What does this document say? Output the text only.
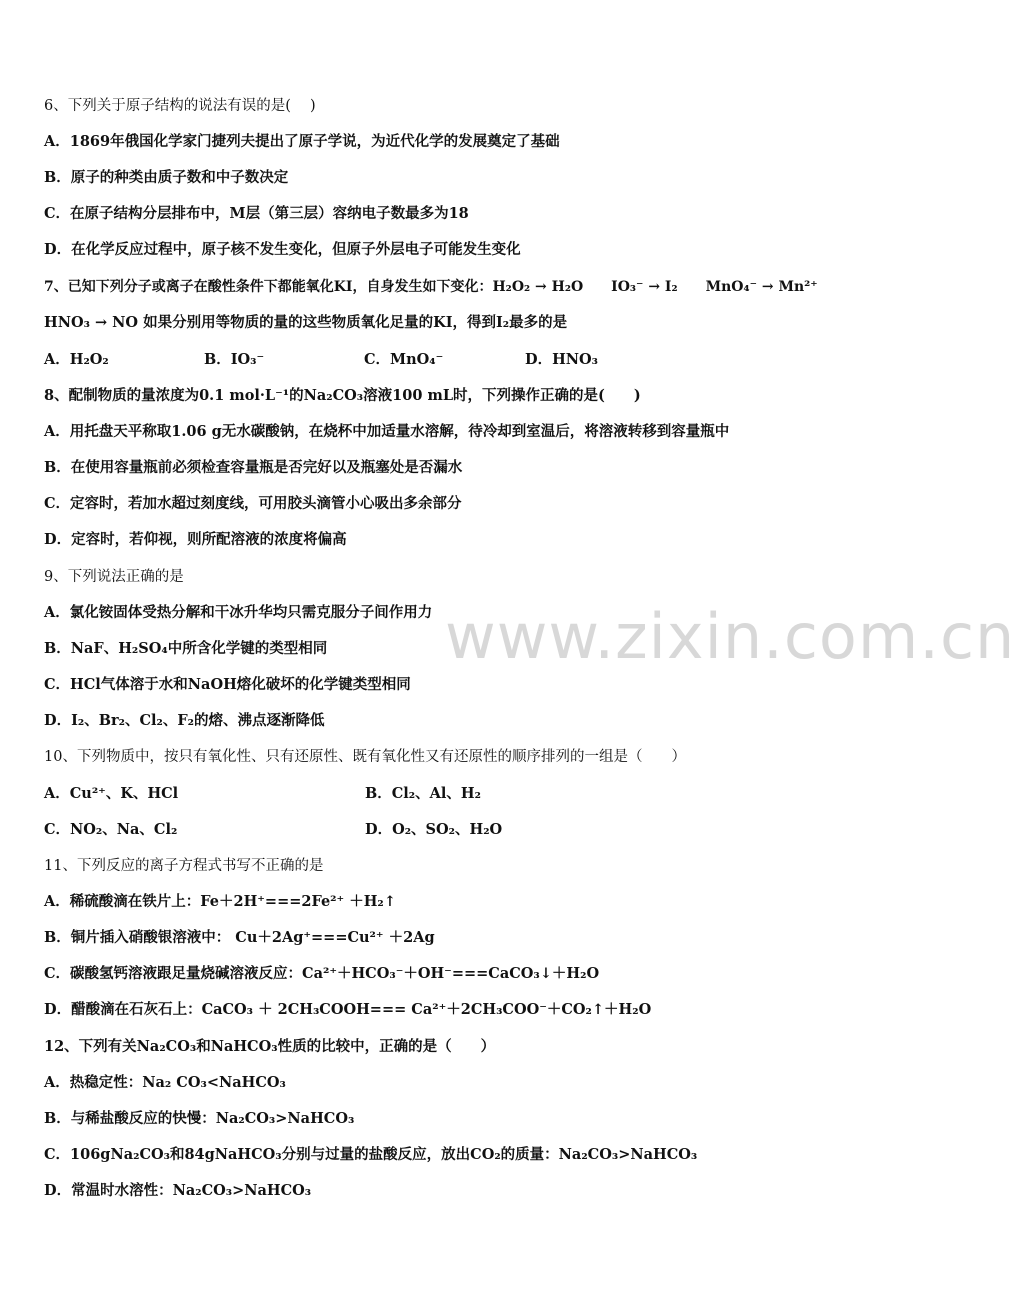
www.zixin.com.cn
6、下列关于原子结构的说法有误的是(　 )
A．1869年俄国化学家门捷列夫提出了原子学说，为近代化学的发展奠定了基础
B．原子的种类由质子数和中子数决定
C．在原子结构分层排布中，M层（第三层）容纳电子数最多为18
D．在化学反应过程中，原子核不发生变化，但原子外层电子可能发生变化
7、已知下列分子或离子在酸性条件下都能氧化KI，自身发生如下变化：H₂O₂ → H₂O　　IO₃⁻ → I₂　　MnO₄⁻ → Mn²⁺
HNO₃ → NO 如果分别用等物质的量的这些物质氧化足量的KI，得到I₂最多的是
A．H₂O₂	B．IO₃⁻	C．MnO₄⁻	D．HNO₃
8、配制物质的量浓度为0.1 mol·L⁻¹的Na₂CO₃溶液100 mL时，下列操作正确的是(　　)
A．用托盘天平称取1.06 g无水碳酸钠，在烧杯中加适量水溶解，待冷却到室温后，将溶液转移到容量瓶中
B．在使用容量瓶前必须检查容量瓶是否完好以及瓶塞处是否漏水
C．定容时，若加水超过刻度线，可用胶头滴管小心吸出多余部分
D．定容时，若仰视，则所配溶液的浓度将偏高
9、下列说法正确的是
A．氯化铵固体受热分解和干冰升华均只需克服分子间作用力
B．NaF、H₂SO₄中所含化学键的类型相同
C．HCl气体溶于水和NaOH熔化破坏的化学键类型相同
D．I₂、Br₂、Cl₂、F₂的熔、沸点逐渐降低
10、下列物质中，按只有氧化性、只有还原性、既有氧化性又有还原性的顺序排列的一组是（　　）
A．Cu²⁺、K、HCl	B．Cl₂、Al、H₂
C．NO₂、Na、Cl₂	D．O₂、SO₂、H₂O
11、下列反应的离子方程式书写不正确的是
A．稀硫酸滴在铁片上：Fe＋2H⁺===2Fe²⁺ ＋H₂↑
B．铜片插入硝酸银溶液中： Cu＋2Ag⁺===Cu²⁺ ＋2Ag
C．碳酸氢钙溶液跟足量烧碱溶液反应：Ca²⁺＋HCO₃⁻＋OH⁻===CaCO₃↓＋H₂O
D．醋酸滴在石灰石上：CaCO₃ ＋ 2CH₃COOH=== Ca²⁺＋2CH₃COO⁻＋CO₂↑＋H₂O
12、下列有关Na₂CO₃和NaHCO₃性质的比较中，正确的是（　　）
A．热稳定性：Na₂ CO₃<NaHCO₃
B．与稀盐酸反应的快慢：Na₂CO₃>NaHCO₃
C．106gNa₂CO₃和84gNaHCO₃分别与过量的盐酸反应，放出CO₂的质量：Na₂CO₃>NaHCO₃
D．常温时水溶性：Na₂CO₃>NaHCO₃
